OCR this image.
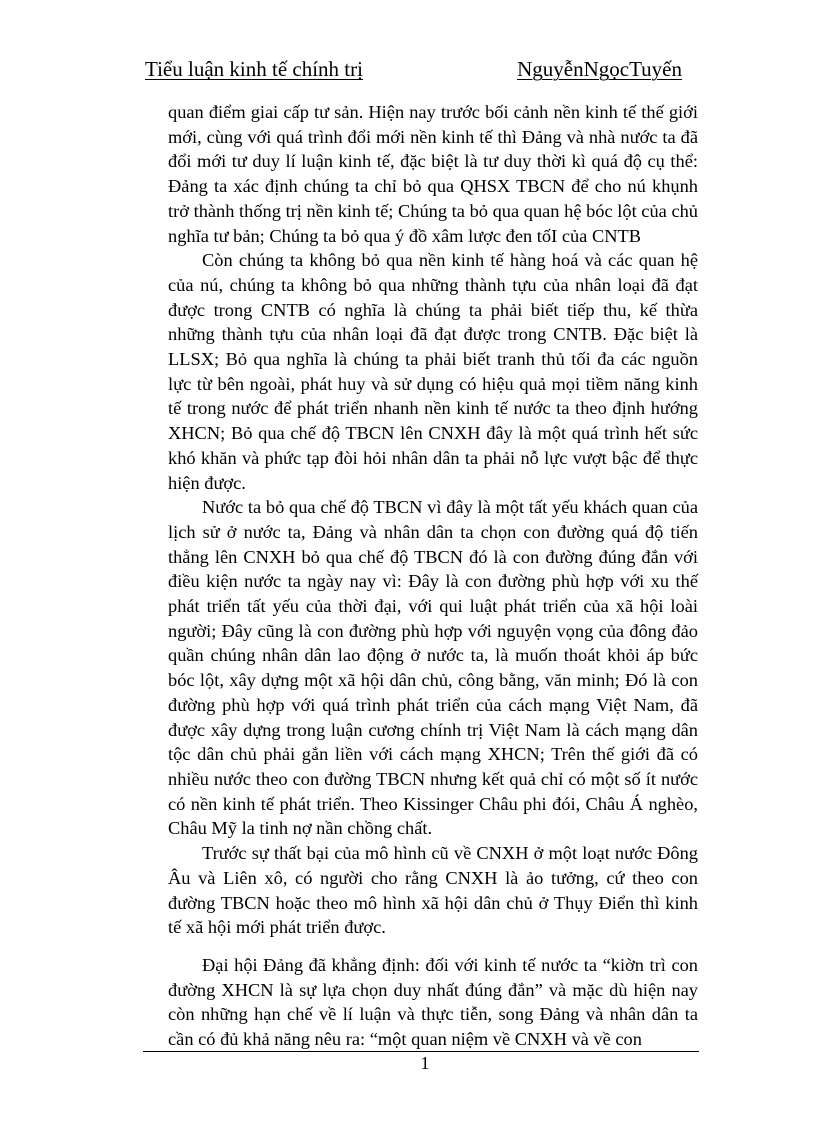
Tiểu luận kinh tế chính trị	NguyễnNgọcTuyến

quan điểm giai cấp tư sản. Hiện nay trước bối cảnh nền kinh tế thế giới mới, cùng với quá trình đổi mới nền kinh tế thì Đảng và nhà nước ta đã đổi mới tư duy lí luận kinh tế, đặc biệt là tư duy thời kì quá độ cụ thể: Đảng ta xác định chúng ta chỉ bỏ qua QHSX TBCN để cho nú khụnh trở thành thống trị nền kinh tế; Chúng ta bỏ qua quan hệ bóc lột của chủ nghĩa tư bản; Chúng ta bỏ qua ý đồ xâm lược đen tốI của CNTB

Còn chúng ta không bỏ qua nền kinh tế hàng hoá và các quan hệ của nú, chúng ta không bỏ qua những thành tựu của nhân loại đã đạt được trong CNTB có nghĩa là chúng ta phải biết tiếp thu, kế thừa những thành tựu của nhân loại đã đạt được trong CNTB. Đặc biệt là LLSX; Bỏ qua nghĩa là chúng ta phải biết tranh thủ tối đa các nguồn lực từ bên ngoài, phát huy và sử dụng có hiệu quả mọi tiềm năng kinh tế trong nước để phát triển nhanh nền kinh tế nước ta theo định hướng XHCN; Bỏ qua chế độ TBCN lên CNXH đây là một quá trình hết sức khó khăn và phức tạp đòi hỏi nhân dân ta phải nỗ lực vượt bậc để thực hiện được.

Nước ta bỏ qua chế độ TBCN vì đây là một tất yếu khách quan của lịch sử ở nước ta, Đảng và nhân dân ta chọn con đường quá độ tiến thẳng lên CNXH bỏ qua chế độ TBCN đó là con đường đúng đắn với điều kiện nước ta ngày nay vì: Đây là con đường phù hợp với xu thế phát triển tất yếu của thời đại, với qui luật phát triển của xã hội loài người; Đây cũng là con đường phù hợp với nguyện vọng của đông đảo quần chúng nhân dân lao động ở nước ta, là muốn thoát khỏi áp bức bóc lột, xây dựng một xã hội dân chủ, công bằng, văn minh; Đó là con đường phù hợp với quá trình phát triển của cách mạng Việt Nam, đã được xây dựng trong luận cương chính trị Việt Nam là cách mạng dân tộc dân chủ phải gắn liền với cách mạng XHCN; Trên thế giới đã có nhiều nước theo con đường TBCN nhưng kết quả chỉ có một số ít nước có nền kinh tế phát triển. Theo Kissinger Châu phi đói, Châu Á nghèo, Châu Mỹ la tinh nợ nần chồng chất.

Trước sự thất bại của mô hình cũ về CNXH ở một loạt nước Đông Âu và Liên xô, có người cho rằng CNXH là ảo tưởng, cứ theo con đường TBCN hoặc theo mô hình xã hội dân chủ ở Thụy Điển thì kinh tế xã hội mới phát triển được.

Đại hội Đảng đã khẳng định: đối với kinh tế nước ta “kiờn trì con đường XHCN là sự lựa chọn duy nhất đúng đắn” và mặc dù hiện nay còn những hạn chế về lí luận và thực tiễn, song Đảng và nhân dân ta cần có đủ khả năng nêu ra: “một quan niệm về CNXH và về con

1
